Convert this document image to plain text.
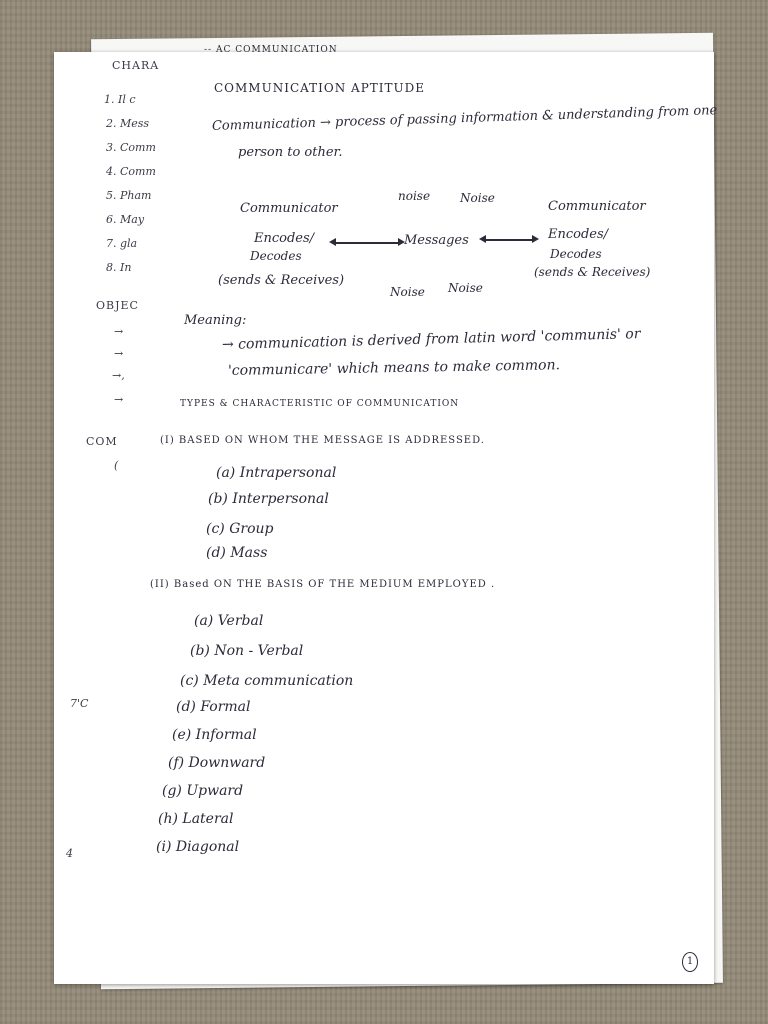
-- AC COMMUNICATION
CHARA
1. Il c
2. Mess
3. Comm
4. Comm
5. Pham
6. May
7. gla
8. In
OBJEC
→
→
→,
→
COM
(
7'C
4
COMMUNICATION APTITUDE
Communication → process of passing information & understanding from one
person to other.
noise Noise
Communicator	Communicator
Encodes/
Decodes
Messages	Encodes/
Decodes
(sends & Receives)
(sends & Receives)
Noise Noise
Meaning:
→ communication is derived from latin word 'communis' or
'communicare' which means to make common.
TYPES & CHARACTERISTIC OF COMMUNICATION
(I) BASED ON WHOM THE MESSAGE IS ADDRESSED.
(a) Intrapersonal
(b) Interpersonal
(c) Group
(d) Mass
(II) Based ON THE BASIS OF THE MEDIUM EMPLOYED .
(a) Verbal
(b) Non - Verbal
(c) Meta communication
(d) Formal
(e) Informal
(f) Downward
(g) Upward
(h) Lateral
(i) Diagonal
1
